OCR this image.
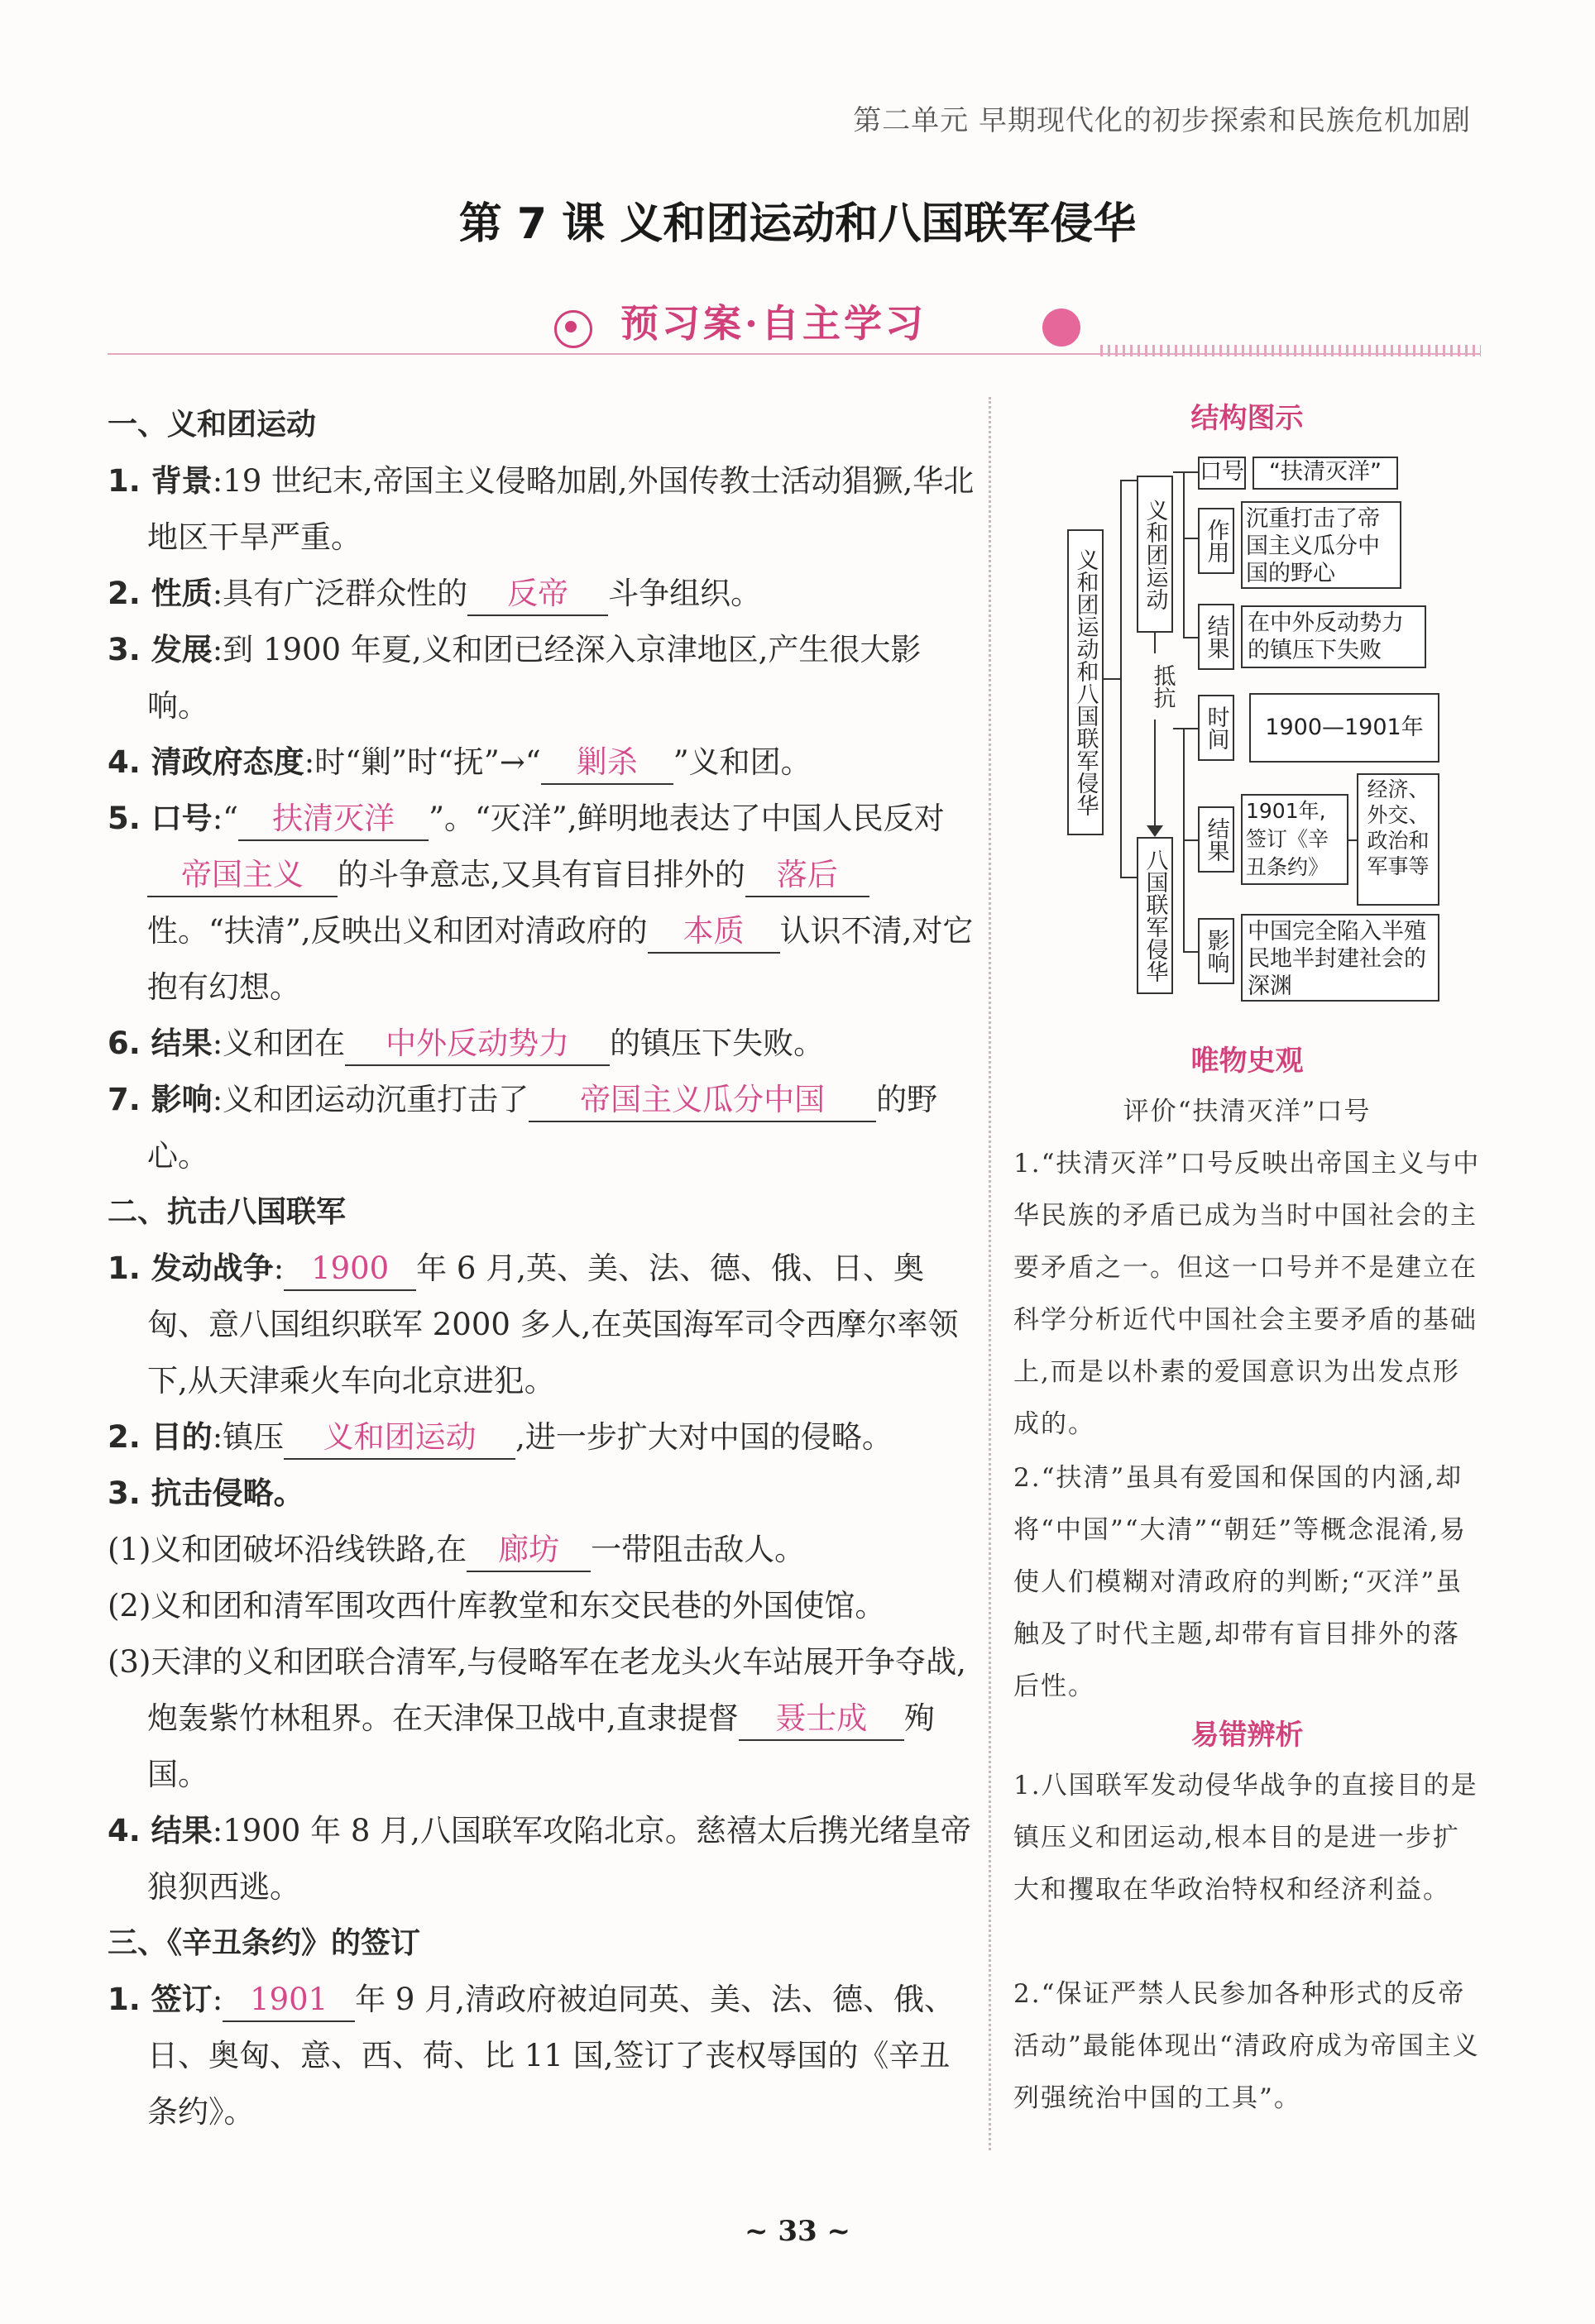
第二单元 早期现代化的初步探索和民族危机加剧
第 7 课 义和团运动和八国联军侵华
预习案·自主学习
一、义和团运动
1. 背景:19 世纪末,帝国主义侵略加剧,外国传教士活动猖獗,华北地区干旱严重。
2. 性质:具有广泛群众性的 反帝 斗争组织。
3. 发展:到 1900 年夏,义和团已经深入京津地区,产生很大影响。
4. 清政府态度:时“剿”时“抚”→“ 剿杀 ”义和团。
5. 口号:“ 扶清灭洋 ”。“灭洋”,鲜明地表达了中国人民反对帝国主义 的斗争意志,又具有盲目排外的 落后性。“扶清”,反映出义和团对清政府的 本质 认识不清,对它抱有幻想。
6. 结果:义和团在 中外反动势力 的镇压下失败。
7. 影响:义和团运动沉重打击了 帝国主义瓜分中国 的野心。
二、抗击八国联军
1. 发动战争: 1900 年 6 月,英、美、法、德、俄、日、奥匈、意八国组织联军 2000 多人,在英国海军司令西摩尔率领下,从天津乘火车向北京进犯。
2. 目的:镇压 义和团运动 ,进一步扩大对中国的侵略。
3. 抗击侵略。
(1)义和团破坏沿线铁路,在 廊坊 一带阻击敌人。
(2)义和团和清军围攻西什库教堂和东交民巷的外国使馆。
(3)天津的义和团联合清军,与侵略军在老龙头火车站展开争夺战,炮轰紫竹林租界。在天津保卫战中,直隶提督 聂士成 殉国。
4. 结果:1900 年 8 月,八国联军攻陷北京。慈禧太后携光绪皇帝狼狈西逃。
三、《辛丑条约》的签订
1. 签订: 1901 年 9 月,清政府被迫同英、美、法、德、俄、日、奥匈、意、西、荷、比 11 国,签订了丧权辱国的《辛丑条约》。
结构图示
义和团运动和八国联军侵华 义和团运动
抵抗
八国联军侵华
口号	“扶清灭洋”
作用 沉重打击了帝国主义瓜分中国的野心
结果 在中外反动势力的镇压下失败
时间	1900—1901年
结果
1901年,签订《辛丑条约》
经济、外交、政治和军事等
影响 中国完全陷入半殖民地半封建社会的深渊
唯物史观
评价“扶清灭洋”口号
1.“扶清灭洋”口号反映出帝国主义与中华民族的矛盾已成为当时中国社会的主要矛盾之一。但这一口号并不是建立在科学分析近代中国社会主要矛盾的基础上,而是以朴素的爱国意识为出发点形成的。
2.“扶清”虽具有爱国和保国的内涵,却将“中国”“大清”“朝廷”等概念混淆,易使人们模糊对清政府的判断;“灭洋”虽触及了时代主题,却带有盲目排外的落后性。
易错辨析
1.八国联军发动侵华战争的直接目的是镇压义和团运动,根本目的是进一步扩大和攫取在华政治特权和经济利益。
2.“保证严禁人民参加各种形式的反帝活动”最能体现出“清政府成为帝国主义列强统治中国的工具”。
~ 33 ~
